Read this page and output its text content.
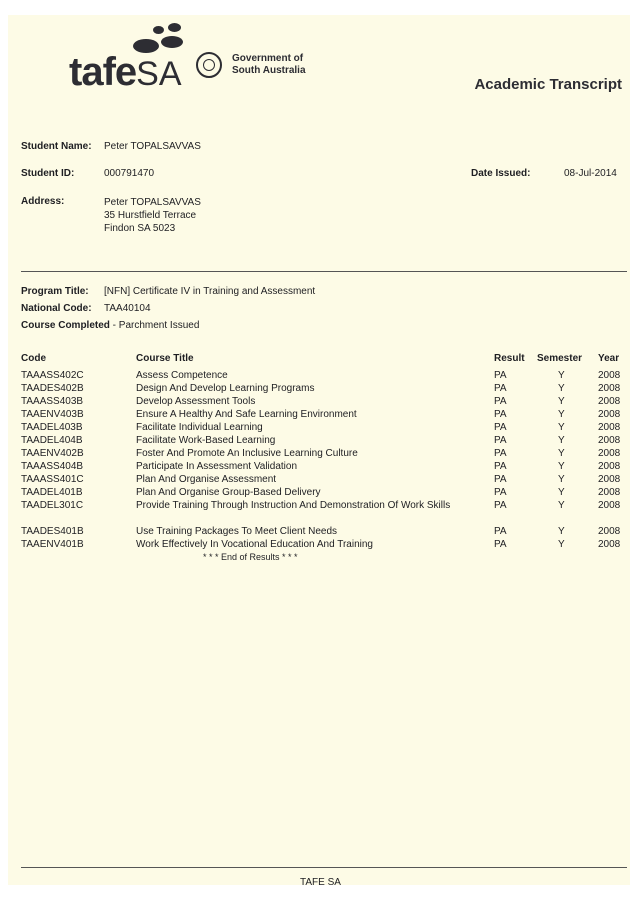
tafeSA	Government of
South Australia
Academic Transcript
Student Name: Peter TOPALSAVVAS
Student ID:	000791470	Date Issued:	08-Jul-2014
Address:	Peter TOPALSAVVAS
35 Hurstfield Terrace
Findon SA 5023
Program Title: [NFN] Certificate IV in Training and Assessment
National Code: TAA40104
Course Completed - Parchment Issued
Code	Course Title	Result Semester Year
TAAASS402C	Assess Competence	PA	Y	2008
TAADES402B	Design And Develop Learning Programs	PA	Y	2008
TAAASS403B	Develop Assessment Tools	PA	Y	2008
TAAENV403B	Ensure A Healthy And Safe Learning Environment	PA	Y	2008
TAADEL403B	Facilitate Individual Learning	PA	Y	2008
TAADEL404B	Facilitate Work-Based Learning	PA	Y	2008
TAAENV402B	Foster And Promote An Inclusive Learning Culture	PA	Y	2008
TAAASS404B	Participate In Assessment Validation	PA	Y	2008
TAAASS401C	Plan And Organise Assessment	PA	Y	2008
TAADEL401B	Plan And Organise Group-Based Delivery	PA	Y	2008
TAADEL301C	Provide Training Through Instruction And Demonstration Of Work Skills	PA	Y	2008
TAADES401B	Use Training Packages To Meet Client Needs	PA	Y	2008
TAAENV401B	Work Effectively In Vocational Education And Training	PA	Y	2008
* * * End of Results * * *
TAFE SA
